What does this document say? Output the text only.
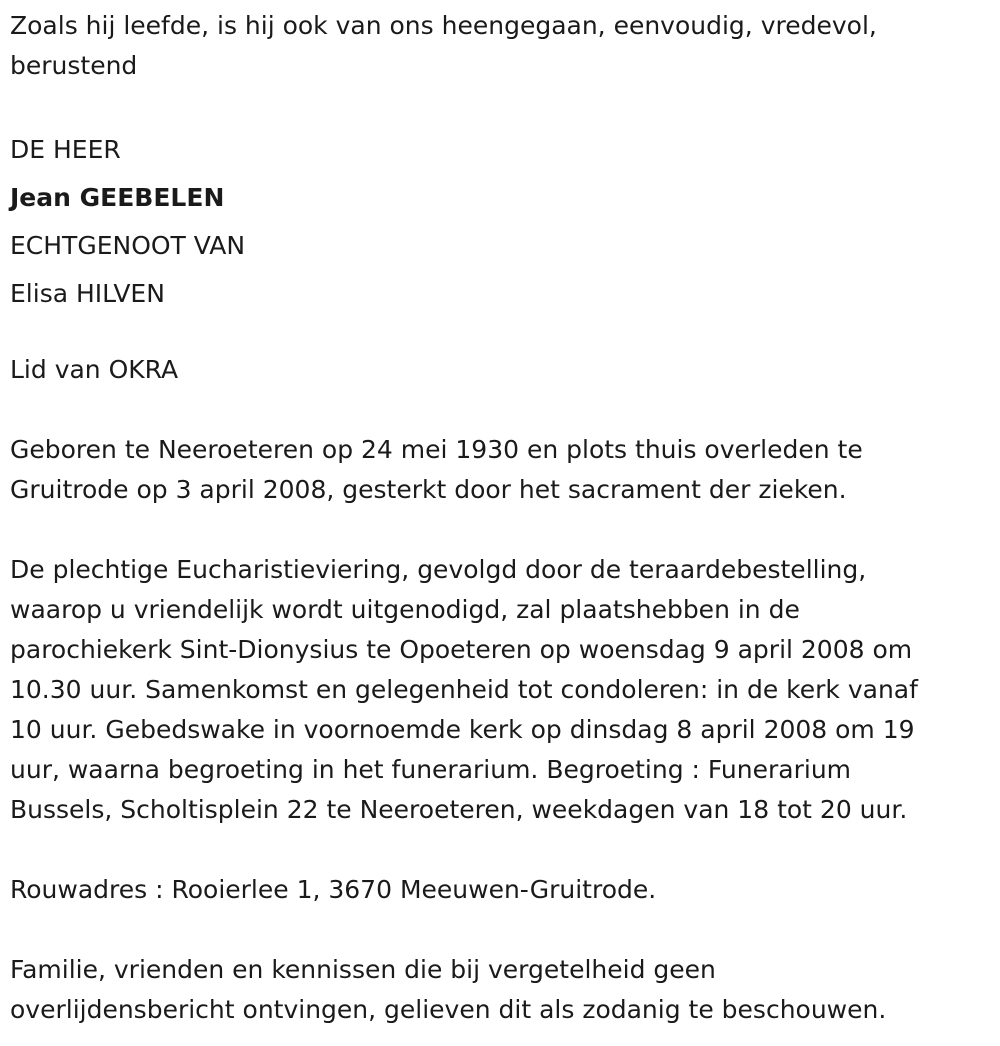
Zoals hij leefde, is hij ook van ons heengegaan, eenvoudig, vredevol,

berustend

DE HEER

Jean GEEBELEN

ECHTGENOOT VAN

Elisa HILVEN

Lid van OKRA

Geboren te Neeroeteren op 24 mei 1930 en plots thuis overleden te

Gruitrode op 3 april 2008, gesterkt door het sacrament der zieken.

De plechtige Eucharistieviering, gevolgd door de teraardebestelling,

waarop u vriendelijk wordt uitgenodigd, zal plaatshebben in de

parochiekerk Sint-Dionysius te Opoeteren op woensdag 9 april 2008 om

10.30 uur. Samenkomst en gelegenheid tot condoleren: in de kerk vanaf

10 uur. Gebedswake in voornoemde kerk op dinsdag 8 april 2008 om 19

uur, waarna begroeting in het funerarium. Begroeting : Funerarium

Bussels, Scholtisplein 22 te Neeroeteren, weekdagen van 18 tot 20 uur.

Rouwadres : Rooierlee 1, 3670 Meeuwen-Gruitrode.

Familie, vrienden en kennissen die bij vergetelheid geen

overlijdensbericht ontvingen, gelieven dit als zodanig te beschouwen.
